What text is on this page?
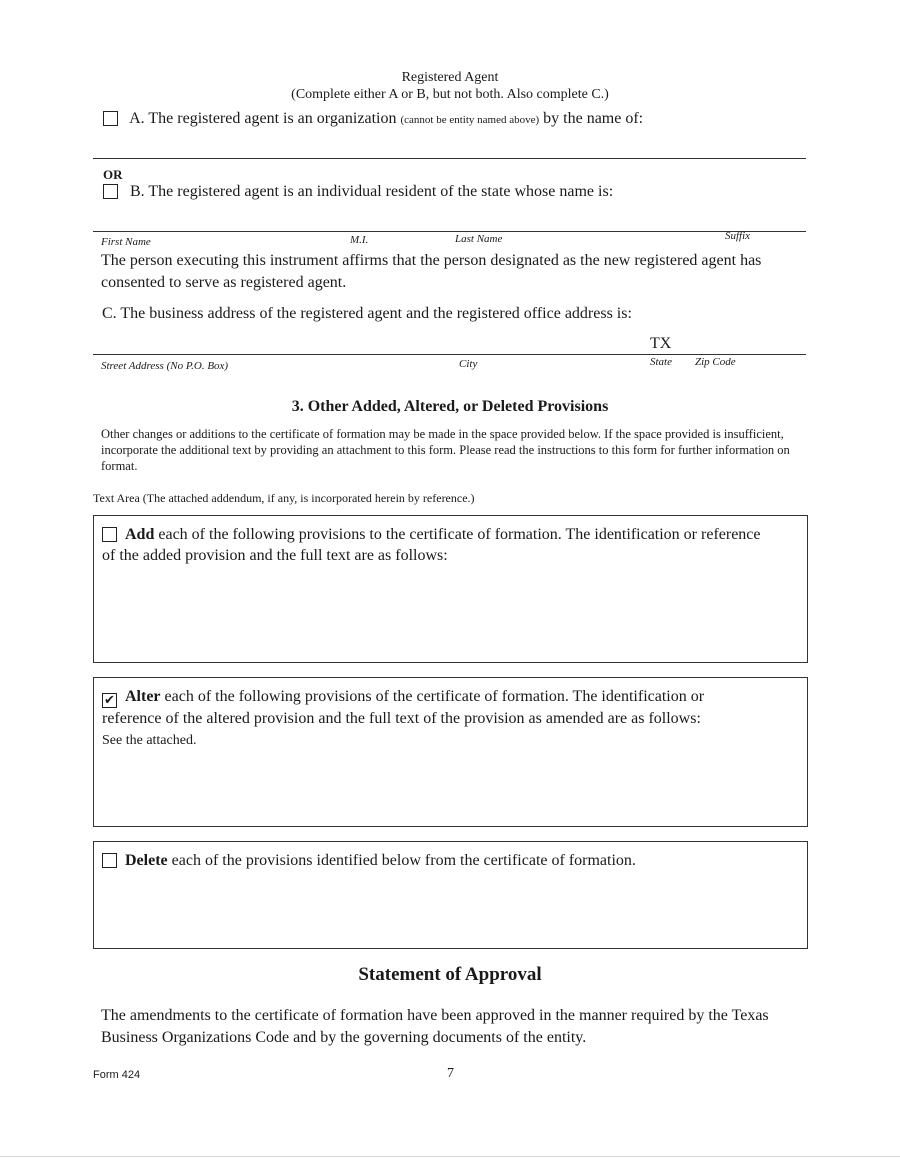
Registered Agent
(Complete either A or B, but not both. Also complete C.)
A. The registered agent is an organization (cannot be entity named above) by the name of:
OR
B. The registered agent is an individual resident of the state whose name is:
First Name	M.I.	Last Name	Suffix
The person executing this instrument affirms that the person designated as the new registered agent has consented to serve as registered agent.
C. The business address of the registered agent and the registered office address is:
TX
Street Address (No P.O. Box)	City	State Zip Code
3. Other Added, Altered, or Deleted Provisions
Other changes or additions to the certificate of formation may be made in the space provided below. If the space provided is insufficient, incorporate the additional text by providing an attachment to this form. Please read the instructions to this form for further information on format.
Text Area (The attached addendum, if any, is incorporated herein by reference.)
Add each of the following provisions to the certificate of formation. The identification or reference of the added provision and the full text are as follows:
✔ Alter each of the following provisions of the certificate of formation. The identification or reference of the altered provision and the full text of the provision as amended are as follows:
See the attached.
Delete each of the provisions identified below from the certificate of formation.
Statement of Approval
The amendments to the certificate of formation have been approved in the manner required by the Texas Business Organizations Code and by the governing documents of the entity.
Form 424	7
